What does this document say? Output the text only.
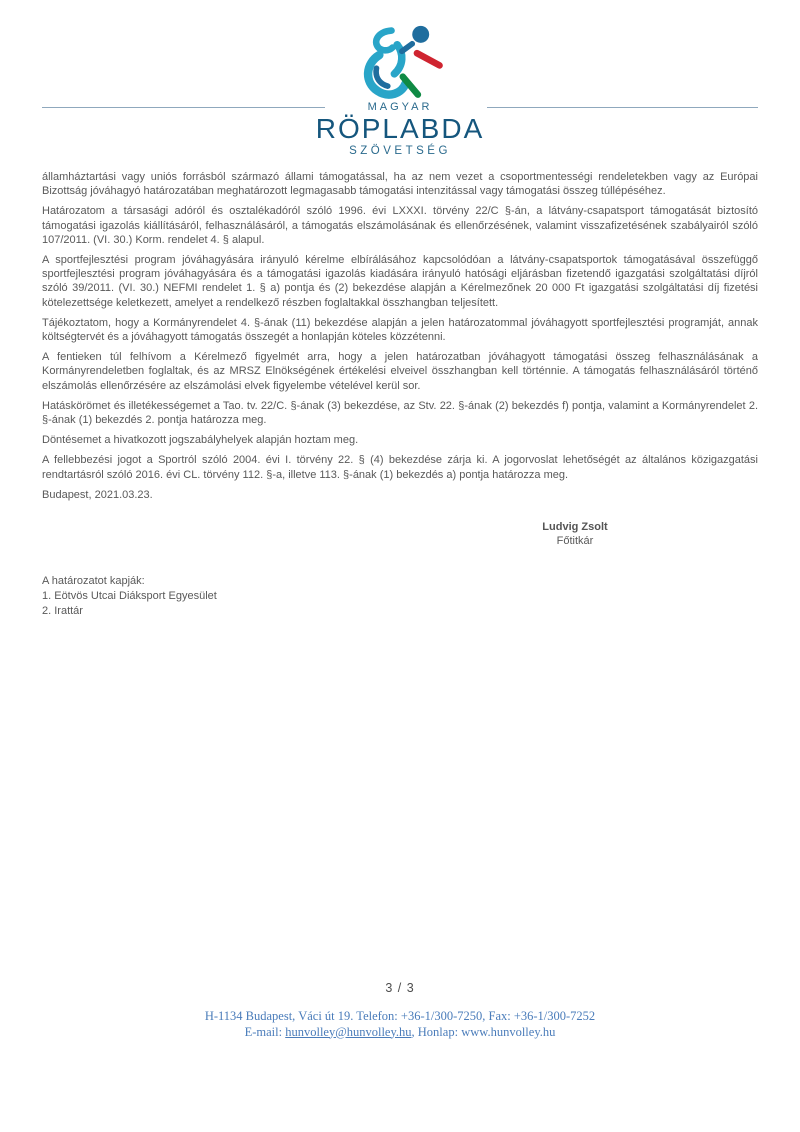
MAGYAR
RÖPLABDA
SZÖVETSÉG

államháztartási vagy uniós forrásból származó állami támogatással, ha az nem vezet a csoportmentességi rendeletekben vagy az Európai Bizottság jóváhagyó határozatában meghatározott legmagasabb támogatási intenzitással vagy támogatási összeg túllépéséhez.

Határozatom a társasági adóról és osztalékadóról szóló 1996. évi LXXXI. törvény 22/C §-án, a látvány-csapatsport támogatását biztosító támogatási igazolás kiállításáról, felhasználásáról, a támogatás elszámolásának és ellenőrzésének, valamint visszafizetésének szabályairól szóló 107/2011. (VI. 30.) Korm. rendelet 4. § alapul.

A sportfejlesztési program jóváhagyására irányuló kérelme elbírálásához kapcsolódóan a látvány-csapatsportok támogatásával összefüggő sportfejlesztési program jóváhagyására és a támogatási igazolás kiadására irányuló hatósági eljárásban fizetendő igazgatási szolgáltatási díjról szóló 39/2011. (VI. 30.) NEFMI rendelet 1. § a) pontja és (2) bekezdése alapján a Kérelmezőnek 20 000 Ft igazgatási szolgáltatási díj fizetési kötelezettsége keletkezett, amelyet a rendelkező részben foglaltakkal összhangban teljesített.

Tájékoztatom, hogy a Kormányrendelet 4. §-ának (11) bekezdése alapján a jelen határozatommal jóváhagyott sportfejlesztési programját, annak költségtervét és a jóváhagyott támogatás összegét a honlapján köteles közzétenni.

A fentieken túl felhívom a Kérelmező figyelmét arra, hogy a jelen határozatban jóváhagyott támogatási összeg felhasználásának a Kormányrendeletben foglaltak, és az MRSZ Elnökségének értékelési elveivel összhangban kell történnie. A támogatás felhasználásáról történő elszámolás ellenőrzésére az elszámolási elvek figyelembe vételével kerül sor.

Hatáskörömet és illetékességemet a Tao. tv. 22/C. §-ának (3) bekezdése, az Stv. 22. §-ának (2) bekezdés f) pontja, valamint a Kormányrendelet 2. §-ának (1) bekezdés 2. pontja határozza meg.

Döntésemet a hivatkozott jogszabályhelyek alapján hoztam meg.

A fellebbezési jogot a Sportról szóló 2004. évi I. törvény 22. § (4) bekezdése zárja ki. A jogorvoslat lehetőségét az általános közigazgatási rendtartásról szóló 2016. évi CL. törvény 112. §-a, illetve 113. §-ának (1) bekezdés a) pontja határozza meg.

Budapest, 2021.03.23.

Ludvig Zsolt
Főtitkár
A határozatot kapják:
1. Eötvös Utcai Diáksport Egyesület
2. Irattár
3 / 3
H-1134 Budapest, Váci út 19. Telefon: +36-1/300-7250, Fax: +36-1/300-7252
E-mail: hunvolley@hunvolley.hu, Honlap: www.hunvolley.hu
